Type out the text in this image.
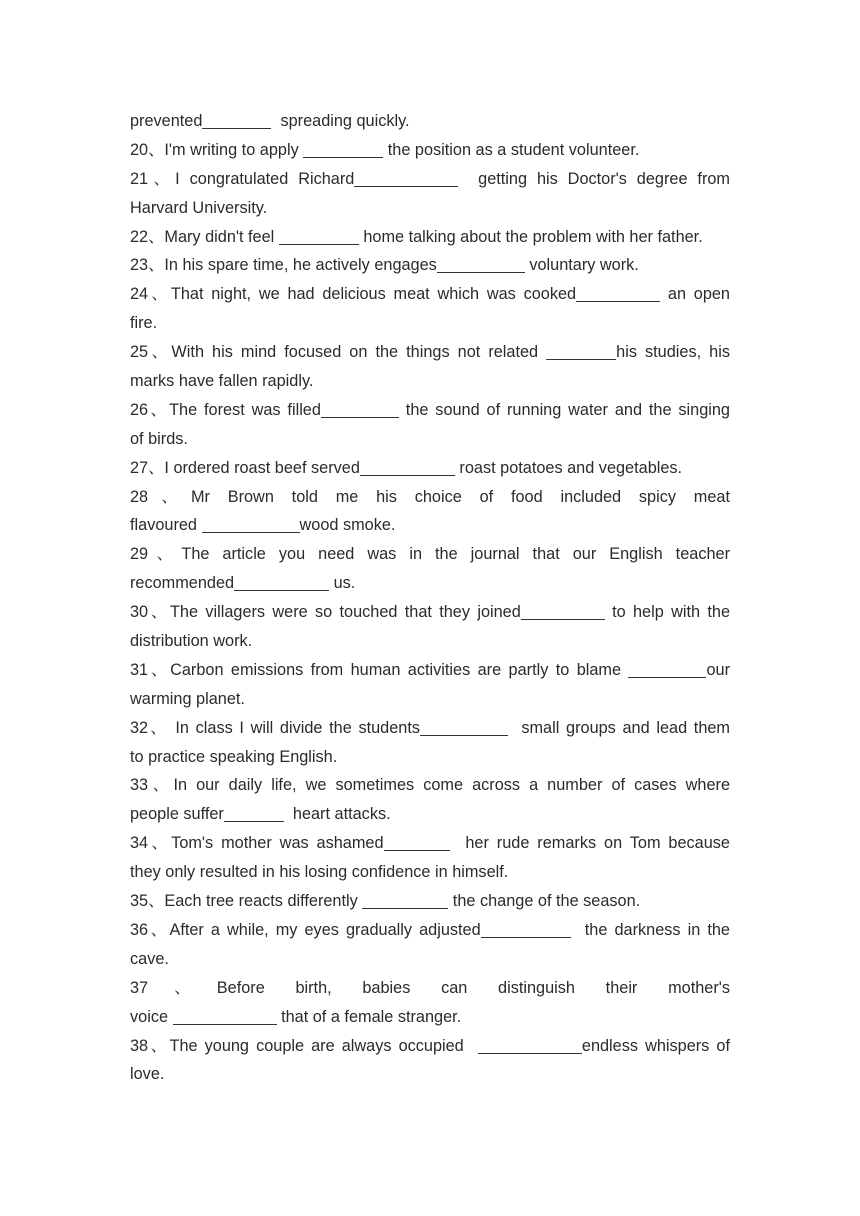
prevented	spreading quickly.
20、I'm writing to apply	the position as a student volunteer.
21、I congratulated Richard	getting his Doctor's degree from
Harvard University.
22、Mary didn't feel	home talking about the problem with her father.
23、In his spare time, he actively engages	voluntary work.
24、That night, we had delicious meat which was cooked	an open
fire.
25、With his mind focused on the things not related	his studies, his
marks have fallen rapidly.
26、The forest was filled	the sound of running water and the singing
of birds.
27、I ordered roast beef served	roast potatoes and vegetables.
28、Mr Brown told me his choice of food included spicy meat
flavoured	wood smoke.
29、The article you need was in the journal that our English teacher
recommended	us.
30、The villagers were so touched that they joined	to help with the
distribution work.
31、Carbon emissions from human activities are partly to blame	our
warming planet.
32、 In class I will divide the students	small groups and lead them
to practice speaking English.
33、In our daily life, we sometimes come across a number of cases where
people suffer	heart attacks.
34、Tom's mother was ashamed	her rude remarks on Tom because
they only resulted in his losing confidence in himself.
35、Each tree reacts differently	the change of the season.
36、After a while, my eyes gradually adjusted	the darkness in the
cave.
37、Before birth, babies can distinguish their mother's
voice	that of a female stranger.
38、The young couple are always occupied	endless whispers of
love.
